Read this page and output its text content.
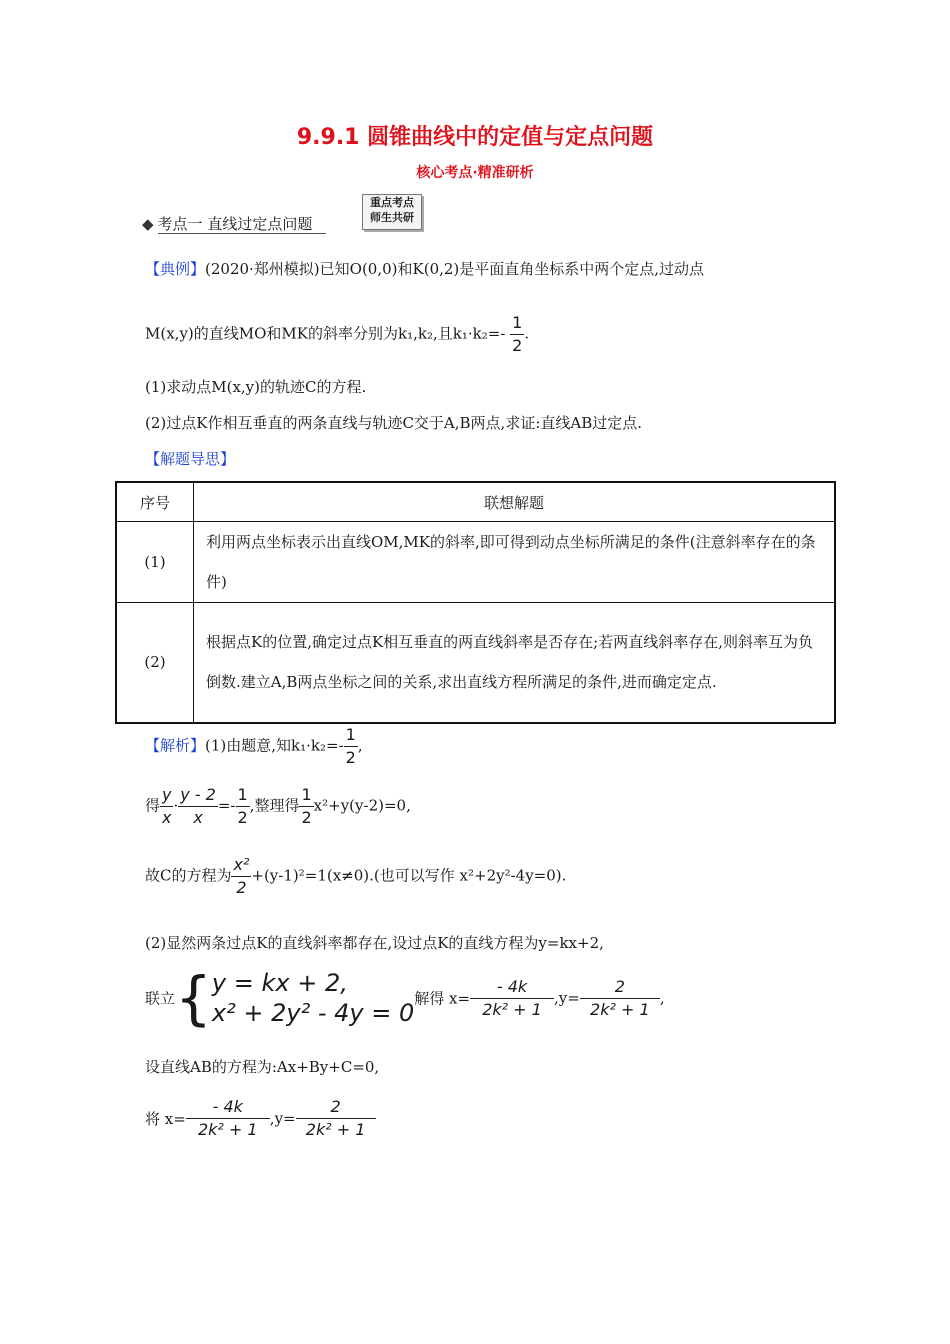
9.9.1 圆锥曲线中的定值与定点问题
核心考点·精准研析
◆ 考点一 直线过定点问题
重点考点
师生共研
【典例】(2020·郑州模拟)已知O(0,0)和K(0,2)是平面直角坐标系中两个定点,过动点
M(x,y)的直线MO和MK的斜率分别为k₁,k₂,且$k_1\cdot k_2=- \frac{1}{2}$ .
(1)求动点M(x,y)的轨迹C的方程.
(2)过点K作相互垂直的两条直线与轨迹C交于A,B两点,求证:直线AB过定点.
【解题导思】
序号	联想解题
(1)	利用两点坐标表示出直线OM,MK的斜率,即可得到动点坐标所满足的条件(注意斜率存在的条件)
(2)	根据点K的位置,确定过点K相互垂直的两直线斜率是否存在;若两直线斜率存在,则斜率互为负倒数.建立A,B两点坐标之间的关系,求出直线方程所满足的条件,进而确定定点.
【解析】(1)由题意,知$k_1\cdot k_2=- \frac{1}{2}$ ,
得 $\frac{y}{x} \cdot \frac{y - 2}{x} =- \frac{1}{2}$ ,整理得 $\frac{1}{2} x^2+y(y-2)=0$,
故C的方程为 $\frac{\text{x²}}{2} +(y-1)^2=1(x\ne 0)$.(也可以写作 x²+2y²-4y=0).
(2)显然两条过点K的直线斜率都存在,设过点K的直线方程为y=kx+2,
联立{ y = kx + 2,
x² + 2y² - 4y = 0
解得 $x= \frac{- 4k}{\text{2k² + 1}} ,y= \frac{2}{\text{2k² + 1}}$ ,
设直线AB的方程为:Ax+By+C=0,
将 $x= \frac{- 4k}{\text{2k² + 1}} ,y= \frac{2}{\text{2k² + 1}}$
